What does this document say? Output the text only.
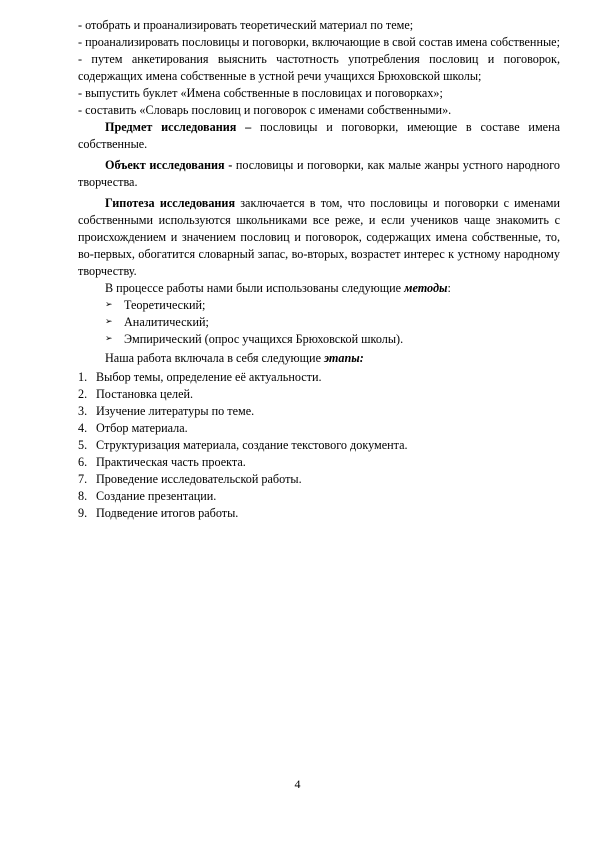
- отобрать и проанализировать теоретический материал по теме;

- проанализировать пословицы и поговорки, включающие в свой состав имена собственные;

- путем анкетирования выяснить частотность употребления пословиц и поговорок, содержащих имена собственные в устной речи учащихся Брюховской школы;

- выпустить буклет «Имена собственные в пословицах и поговорках»;

- составить «Словарь пословиц и поговорок с именами собственными».

Предмет исследования – пословицы и поговорки, имеющие в составе имена собственные.

Объект исследования - пословицы и поговорки, как малые жанры устного народного творчества.

Гипотеза исследования заключается в том, что пословицы и поговорки с именами собственными используются школьниками все реже, и если учеников чаще знакомить с происхождением и значением пословиц и поговорок, содержащих имена собственные, то, во-первых, обогатится словарный запас, во-вторых, возрастет интерес к устному народному творчеству.

В процессе работы нами были использованы следующие методы:

➢ Теоретический;
➢ Аналитический;
➢ Эмпирический (опрос учащихся Брюховской школы).

Наша работа включала в себя следующие этапы:

1. Выбор темы, определение её актуальности.
2. Постановка целей.
3. Изучение литературы по теме.
4. Отбор материала.
5. Структуризация материала, создание текстового документа.
6. Практическая часть проекта.
7. Проведение исследовательской работы.
8. Создание презентации.
9. Подведение итогов работы.
4
